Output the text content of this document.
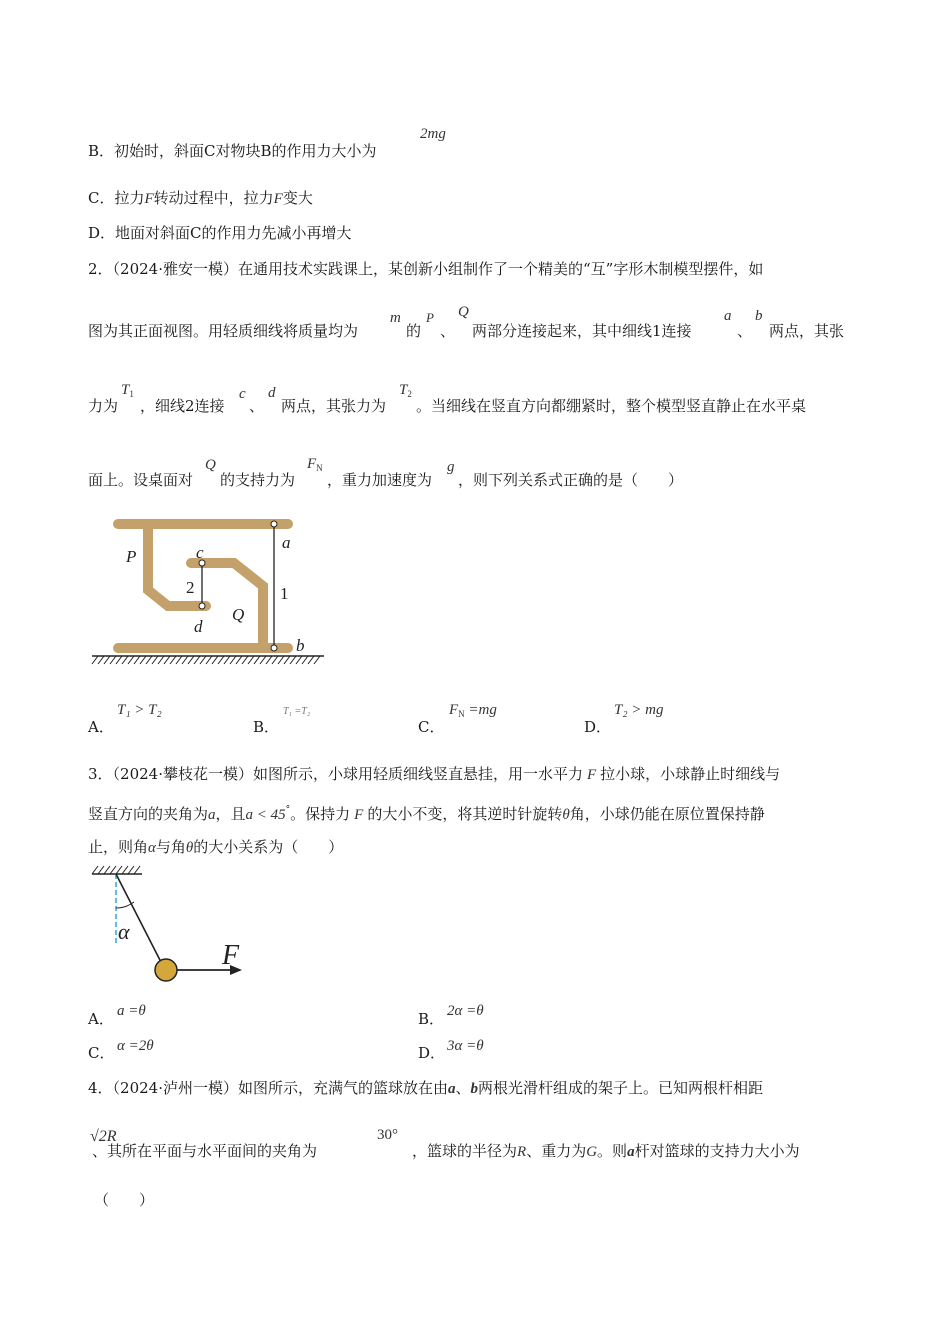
B．初始时，斜面C对物块B的作用力大小为
2mg
C．拉力F转动过程中，拉力F变大
D．地面对斜面C的作用力先减小再增大
2．（2024·雅安一模）在通用技术实践课上，某创新小组制作了一个精美的“互”字形木制模型摆件，如
图为其正面视图。用轻质细线将质量均为
m
的
P
、
Q
两部分连接起来，其中细线1连接
a
、
b
两点，其张
力为
$T_1$
，细线2连接
c
、
d
两点，其张力为
$T_2$
。当细线在竖直方向都绷紧时，整个模型竖直静止在水平桌
面上。设桌面对
Q
的支持力为
$F_N$
，重力加速度为
g
，则下列关系式正确的是（　　）
P	c
a
Q
d
b
2	1
A．
T₁ > T₂
B．
T₁ =T₂
C．
$F_N =mg$
D．
T₂ > mg
3．（2024·攀枝花一模）如图所示，小球用轻质细线竖直悬挂，用一水平力 F 拉小球，小球静止时细线与
竖直方向的夹角为a，且a < 45°。保持力 F 的大小不变，将其逆时针旋转θ角，小球仍能在原位置保持静
止，则角α与角θ的大小关系为（　　）
α
F
A． a =θ	B． 2α =θ
C． α =2θ	D． 3α =θ
4．（2024·泸州一模）如图所示，充满气的篮球放在由a、b两根光滑杆组成的架子上。已知两根杆相距
√2R
、其所在平面与水平面间的夹角为
30°
，篮球的半径为R、重力为G。则a杆对篮球的支持力大小为
（　　）
